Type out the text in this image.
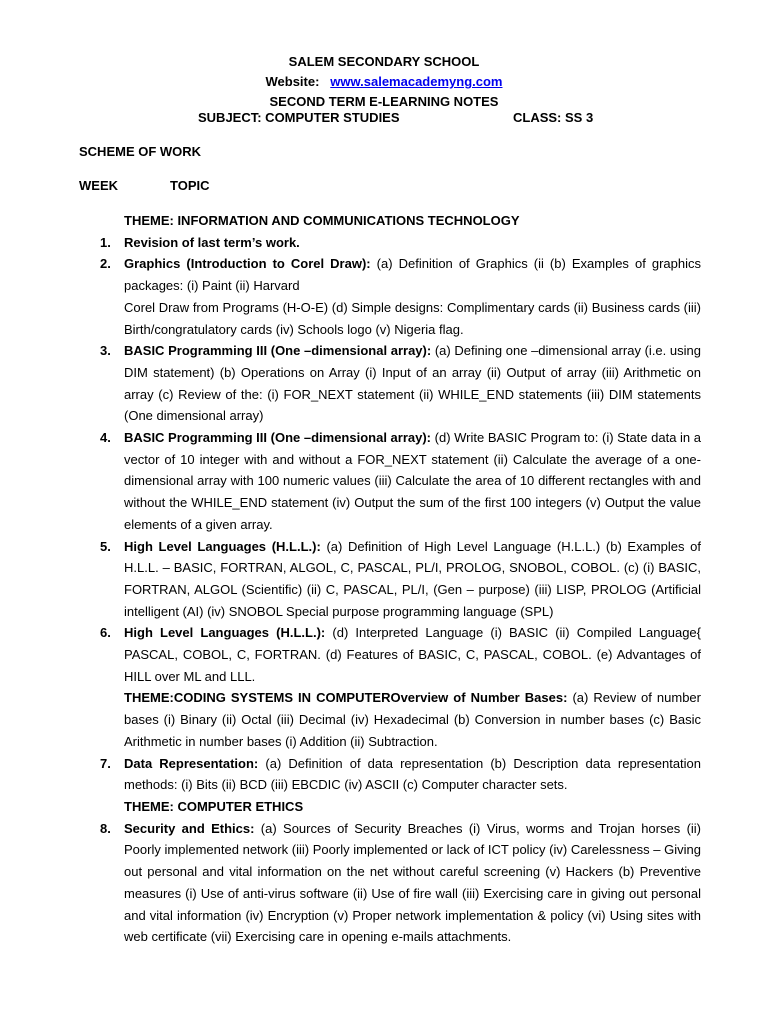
SALEM SECONDARY SCHOOL
Website: www.salemacademyng.com
SECOND TERM E-LEARNING NOTES
SUBJECT: COMPUTER STUDIES	CLASS: SS 3
SCHEME OF WORK
WEEK	TOPIC
THEME: INFORMATION AND COMMUNICATIONS TECHNOLOGY
1.	Revision of last term’s work.
2.	Graphics (Introduction to Corel Draw): (a) Definition of Graphics (ii (b) Examples of graphics packages: (i) Paint (ii) Harvard
Corel Draw from Programs (H-O-E) (d) Simple designs: Complimentary cards (ii) Business cards (iii) Birth/congratulatory cards (iv) Schools logo (v) Nigeria flag.
3.	BASIC Programming III (One –dimensional array): (a) Defining one –dimensional array (i.e. using DIM statement) (b) Operations on Array (i) Input of an array (ii) Output of array (iii) Arithmetic on array (c) Review of the: (i) FOR_NEXT statement (ii) WHILE_END statements (iii) DIM statements (One dimensional array)
4.	BASIC Programming III (One –dimensional array): (d) Write BASIC Program to: (i) State data in a vector of 10 integer with and without a FOR_NEXT statement (ii) Calculate the average of a one-dimensional array with 100 numeric values (iii) Calculate the area of 10 different rectangles with and without the WHILE_END statement (iv) Output the sum of the first 100 integers (v) Output the value elements of a given array.
5.	High Level Languages (H.L.L.): (a) Definition of High Level Language (H.L.L.) (b) Examples of H.L.L. – BASIC, FORTRAN, ALGOL, C, PASCAL, PL/I, PROLOG, SNOBOL, COBOL. (c) (i) BASIC, FORTRAN, ALGOL (Scientific) (ii) C, PASCAL, PL/I, (Gen – purpose) (iii) LISP, PROLOG (Artificial intelligent (AI) (iv) SNOBOL Special purpose programming language (SPL)
6.	High Level Languages (H.L.L.): (d) Interpreted Language (i) BASIC (ii) Compiled Language{ PASCAL, COBOL, C, FORTRAN. (d) Features of BASIC, C, PASCAL, COBOL. (e) Advantages of HILL over ML and LLL.
THEME:CODING SYSTEMS IN COMPUTEROverview of Number Bases: (a) Review of number bases (i) Binary (ii) Octal (iii) Decimal (iv) Hexadecimal (b) Conversion in number bases (c) Basic Arithmetic in number bases (i) Addition (ii) Subtraction.
7.	Data Representation: (a) Definition of data representation (b) Description data representation methods: (i) Bits (ii) BCD (iii) EBCDIC (iv) ASCII (c) Computer character sets.
THEME: COMPUTER ETHICS
8.	Security and Ethics: (a) Sources of Security Breaches (i) Virus, worms and Trojan horses (ii) Poorly implemented network (iii) Poorly implemented or lack of ICT policy (iv) Carelessness – Giving out personal and vital information on the net without careful screening (v) Hackers (b) Preventive measures (i) Use of anti-virus software (ii) Use of fire wall (iii) Exercising care in giving out personal and vital information (iv) Encryption (v) Proper network implementation & policy (vi) Using sites with web certificate (vii) Exercising care in opening e-mails attachments.
